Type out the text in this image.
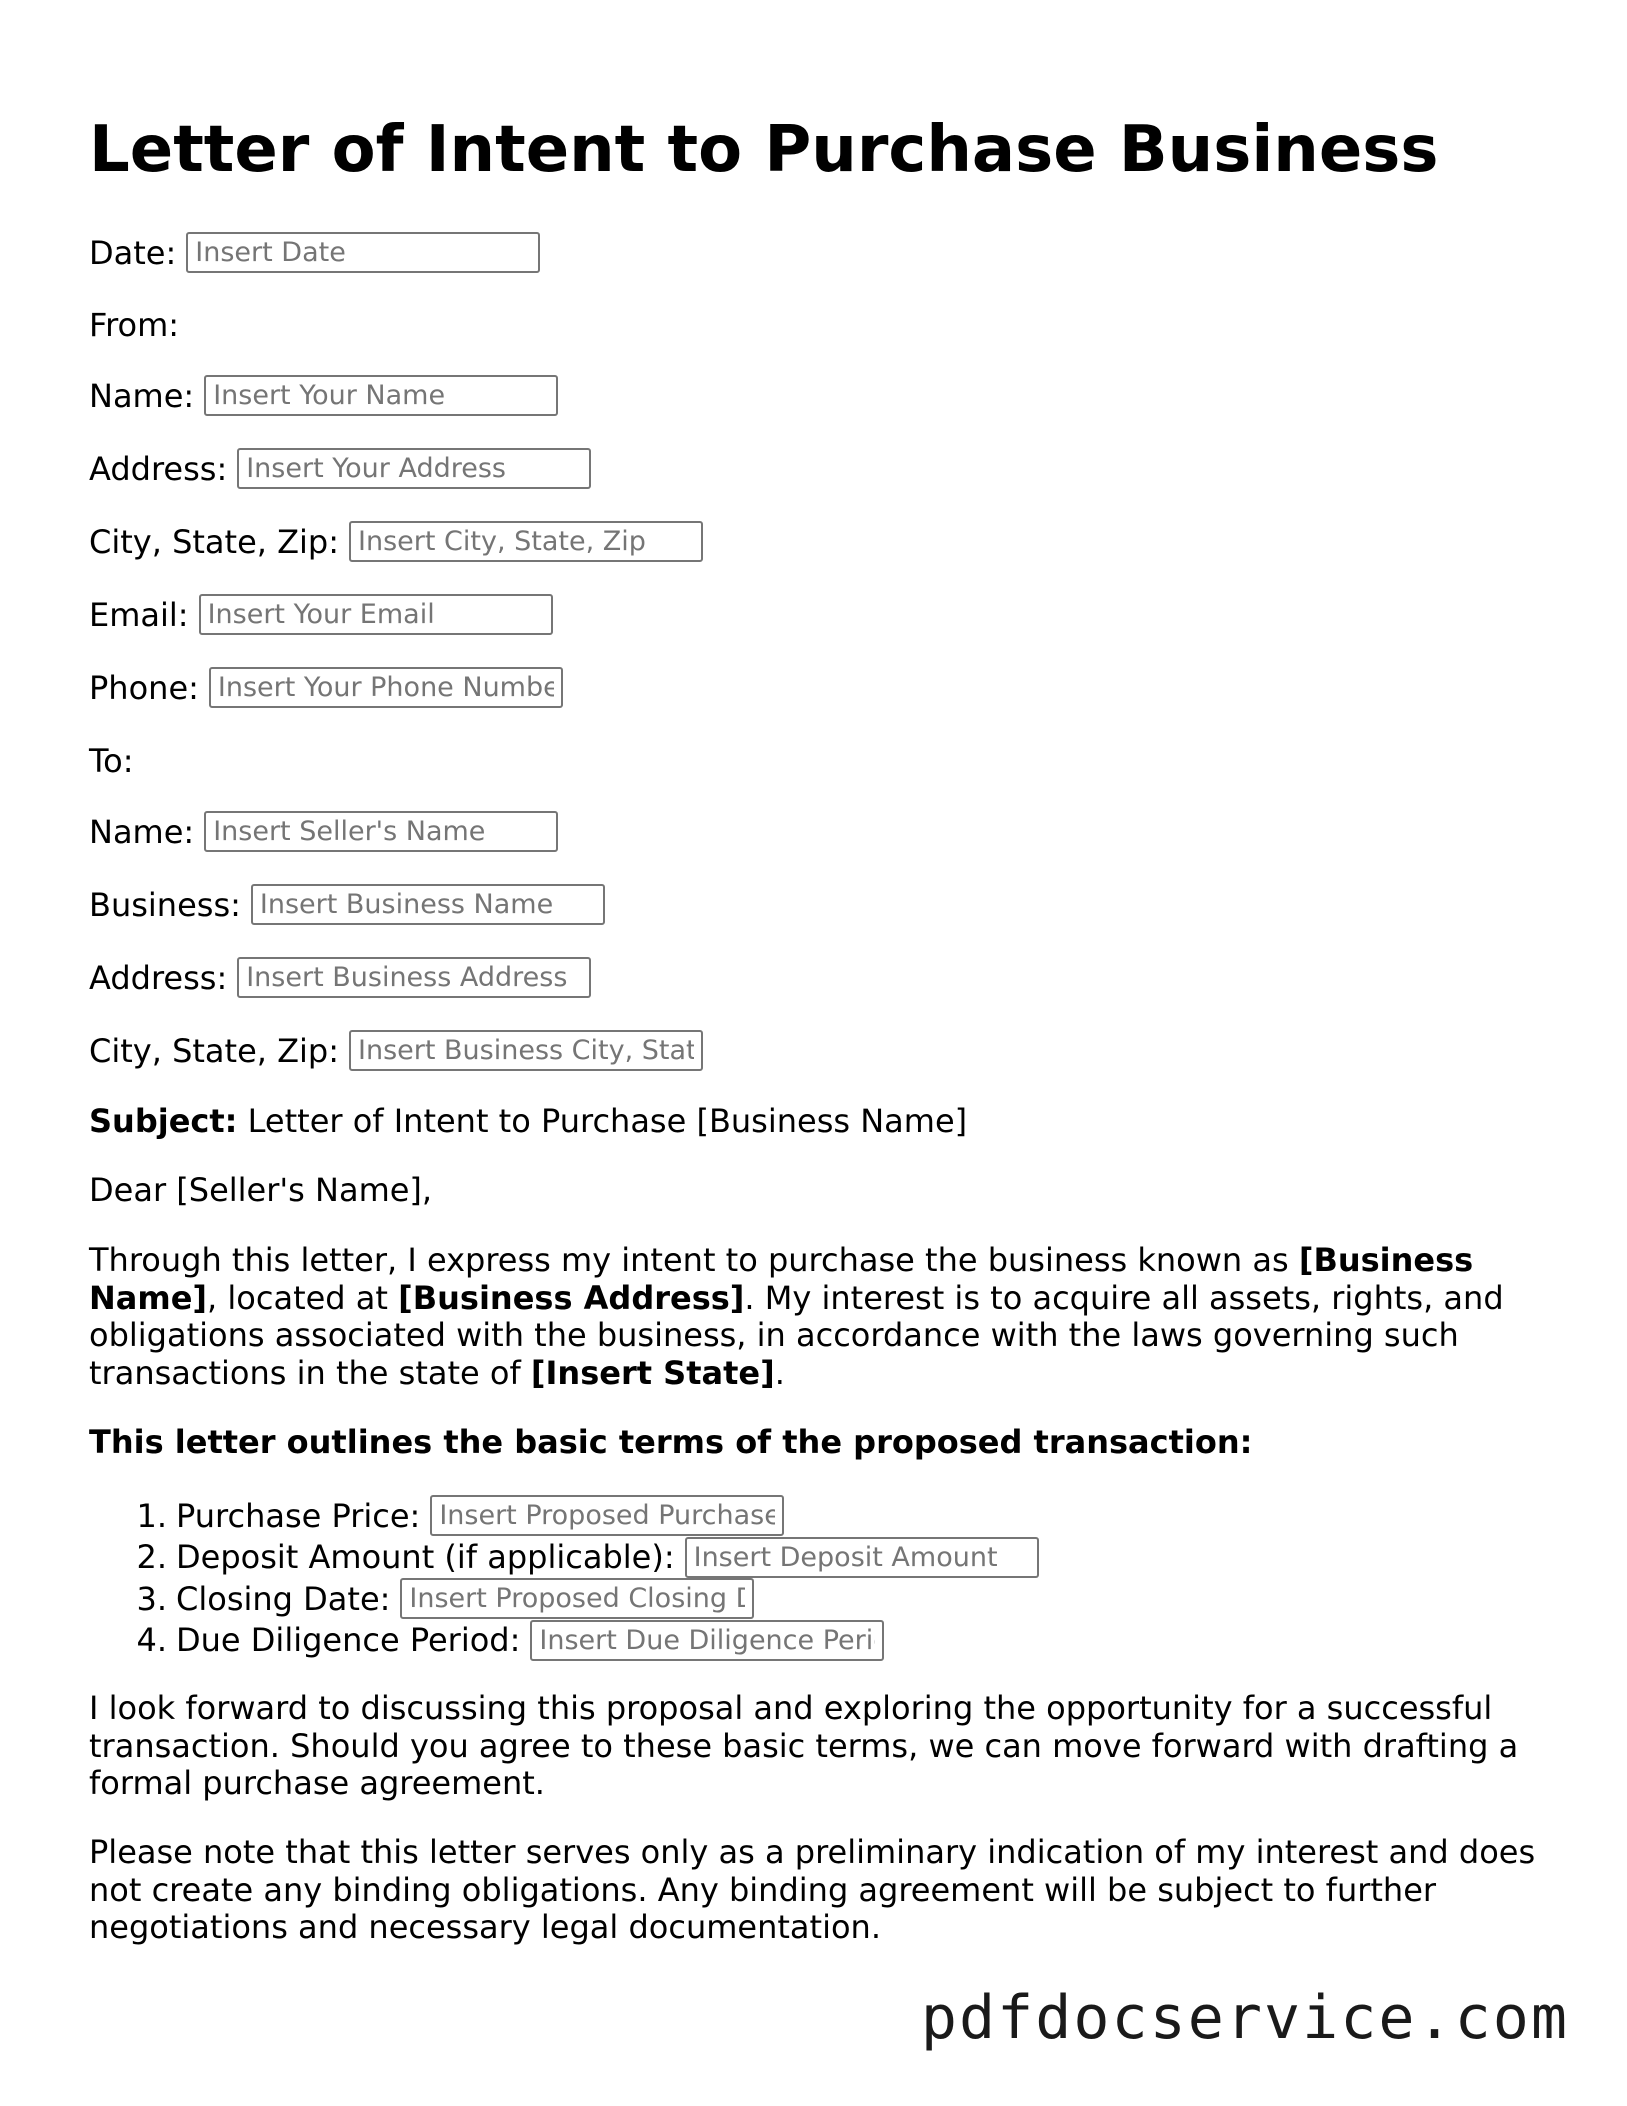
Letter of Intent to Purchase Business
Date:
Insert Date
From:
Name:
Insert Your Name
Address:
Insert Your Address
City, State, Zip:
Insert City, State, Zip
Email:
Insert Your Email
Phone:
Insert Your Phone Number
To:
Name:
Insert Seller's Name
Business:
Insert Business Name
Address:
Insert Business Address
City, State, Zip:
Insert Business City, State

Subject: Letter of Intent to Purchase [Business Name]

Dear [Seller's Name],

Through this letter, I express my intent to purchase the business known as [Business Name], located at [Business Address]. My interest is to acquire all assets, rights, and obligations associated with the business, in accordance with the laws governing such transactions in the state of [Insert State].

This letter outlines the basic terms of the proposed transaction:

1. Purchase Price:
Insert Proposed Purchase Price
2. Deposit Amount (if applicable):
Insert Deposit Amount
3. Closing Date:
Insert Proposed Closing Date
4. Due Diligence Period:
Insert Due Diligence Period

I look forward to discussing this proposal and exploring the opportunity for a successful transaction. Should you agree to these basic terms, we can move forward with drafting a formal purchase agreement.

Please note that this letter serves only as a preliminary indication of my interest and does not create any binding obligations. Any binding agreement will be subject to further negotiations and necessary legal documentation.

pdfdocservice.com
